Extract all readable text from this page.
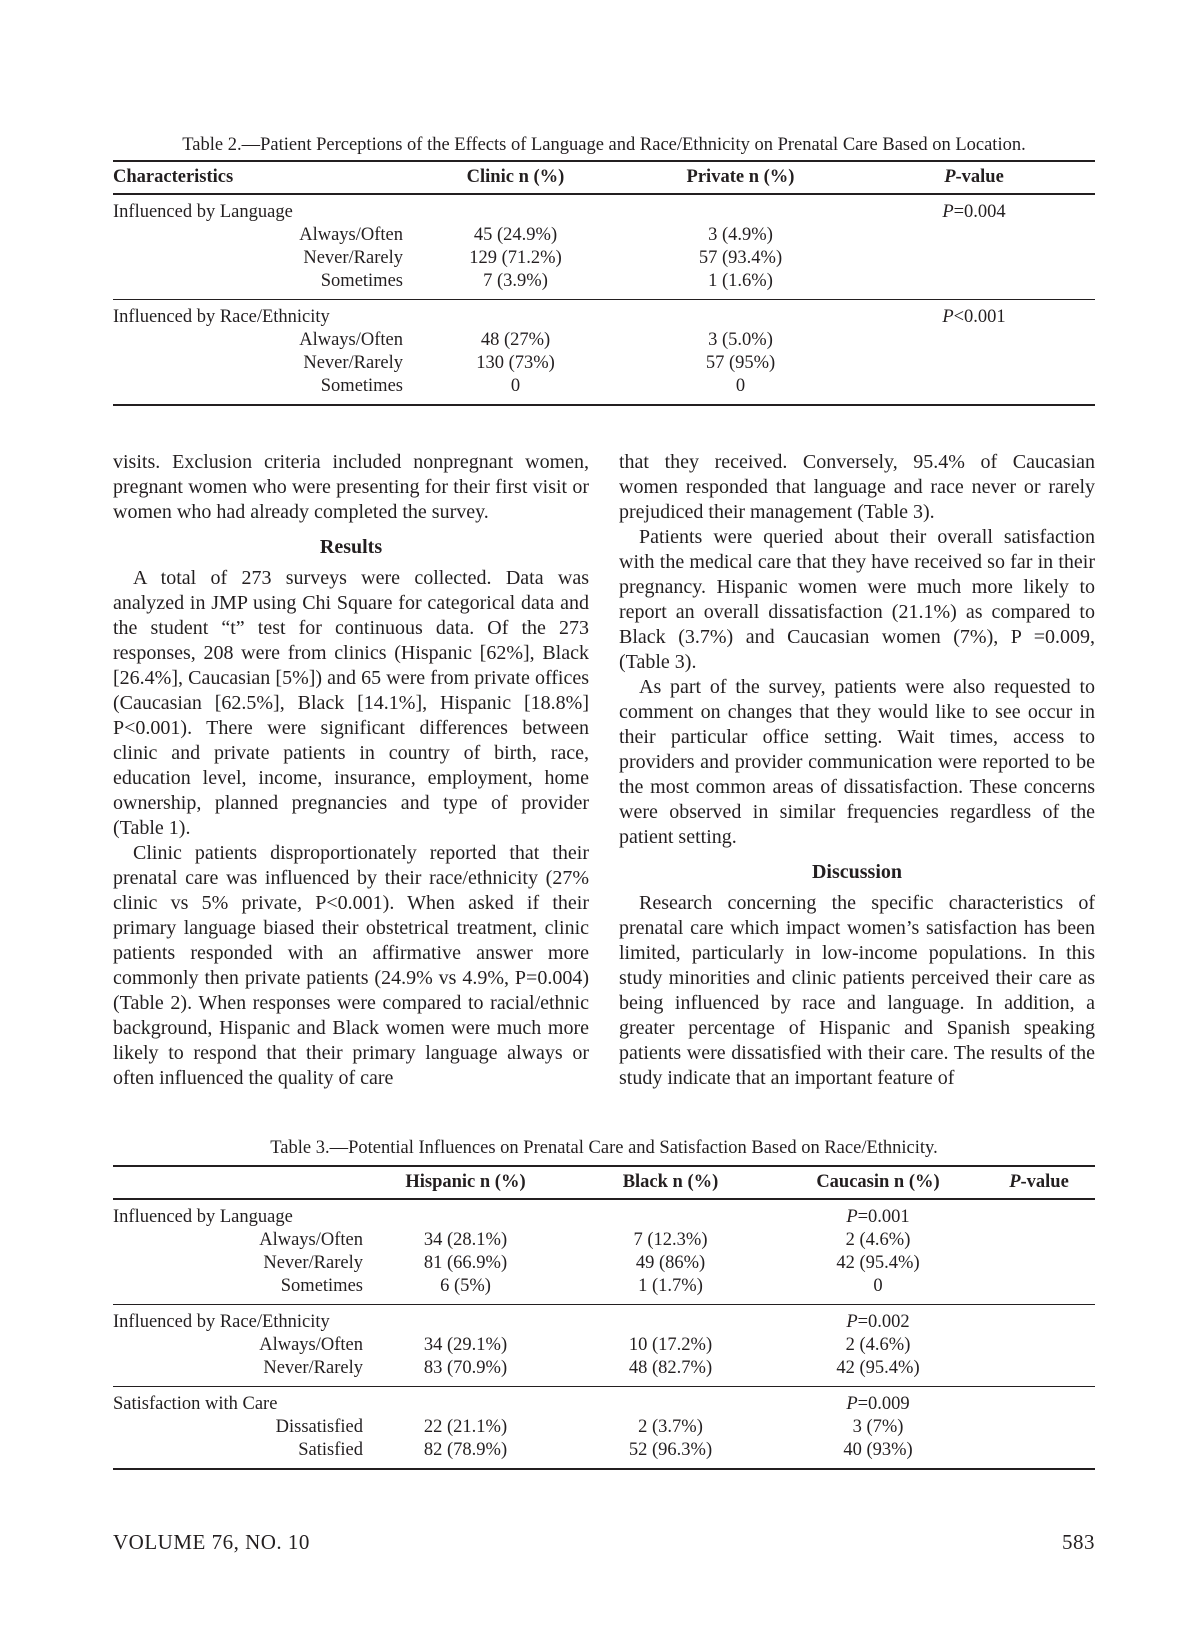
Table 2.—Patient Perceptions of the Effects of Language and Race/Ethnicity on Prenatal Care Based on Location.
Characteristics	Clinic n (%)	Private n (%)	P-value
Influenced by Language			P=0.004
Always/Often	45 (24.9%)	3 (4.9%)	
Never/Rarely	129 (71.2%)	57 (93.4%)	
Sometimes	7 (3.9%)	1 (1.6%)	
Influenced by Race/Ethnicity			P<0.001
Always/Often	48 (27%)	3 (5.0%)	
Never/Rarely	130 (73%)	57 (95%)	
Sometimes	0	0	

visits. Exclusion criteria included nonpregnant women, pregnant women who were presenting for their first visit or women who had already completed the survey.

Results

A total of 273 surveys were collected. Data was analyzed in JMP using Chi Square for categorical data and the student “t” test for continuous data. Of the 273 responses, 208 were from clinics (Hispanic [62%], Black [26.4%], Caucasian [5%]) and 65 were from private offices (Caucasian [62.5%], Black [14.1%], Hispanic [18.8%] P<0.001). There were significant differences between clinic and private patients in country of birth, race, education level, income, insurance, employment, home ownership, planned pregnancies and type of provider (Table 1).

Clinic patients disproportionately reported that their prenatal care was influenced by their race/ethnicity (27% clinic vs 5% private, P<0.001). When asked if their primary language biased their obstetrical treatment, clinic patients responded with an affirmative answer more commonly then private patients (24.9% vs 4.9%, P=0.004) (Table 2). When responses were compared to racial/ethnic background, Hispanic and Black women were much more likely to respond that their primary language always or often influenced the quality of care

that they received. Conversely, 95.4% of Caucasian women responded that language and race never or rarely prejudiced their management (Table 3).

Patients were queried about their overall satisfaction with the medical care that they have received so far in their pregnancy. Hispanic women were much more likely to report an overall dissatisfaction (21.1%) as compared to Black (3.7%) and Caucasian women (7%), P =0.009, (Table 3).

As part of the survey, patients were also requested to comment on changes that they would like to see occur in their particular office setting. Wait times, access to providers and provider communication were reported to be the most common areas of dissatisfaction. These concerns were observed in similar frequencies regardless of the patient setting.

Discussion

Research concerning the specific characteristics of prenatal care which impact women’s satisfaction has been limited, particularly in low-income populations. In this study minorities and clinic patients perceived their care as being influenced by race and language. In addition, a greater percentage of Hispanic and Spanish speaking patients were dissatisfied with their care. The results of the study indicate that an important feature of

Table 3.—Potential Influences on Prenatal Care and Satisfaction Based on Race/Ethnicity.
	Hispanic n (%)	Black n (%)	Caucasin n (%)	P-value
Influenced by Language			P=0.001	
Always/Often	34 (28.1%)	7 (12.3%)	2 (4.6%)	
Never/Rarely	81 (66.9%)	49 (86%)	42 (95.4%)	
Sometimes	6 (5%)	1 (1.7%)	0	
Influenced by Race/Ethnicity			P=0.002	
Always/Often	34 (29.1%)	10 (17.2%)	2 (4.6%)	
Never/Rarely	83 (70.9%)	48 (82.7%)	42 (95.4%)	
Satisfaction with Care			P=0.009	
Dissatisfied	22 (21.1%)	2 (3.7%)	3 (7%)	
Satisfied	82 (78.9%)	52 (96.3%)	40 (93%)	
VOLUME 76, NO. 10	583
